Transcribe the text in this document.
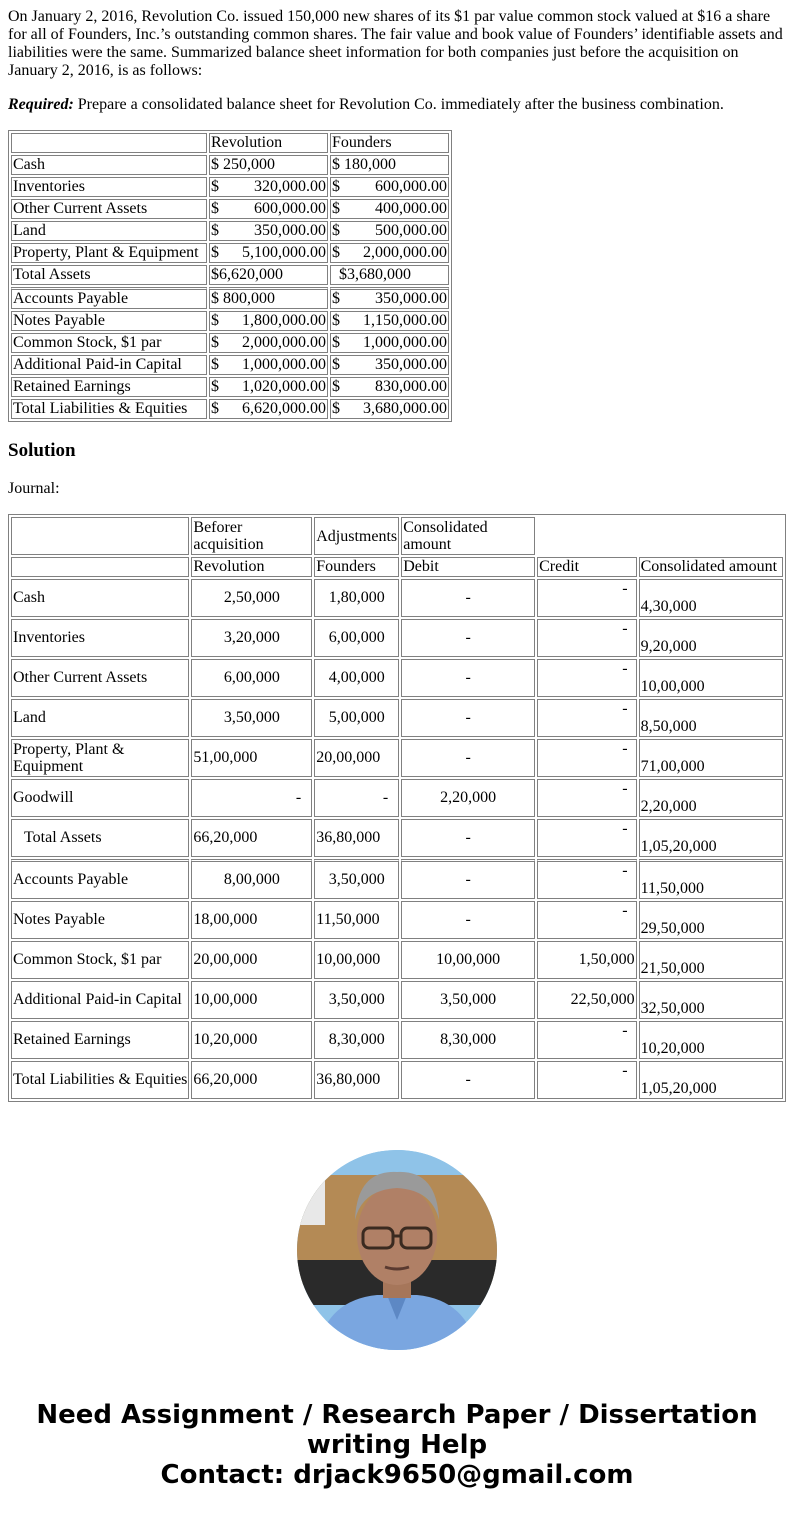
On January 2, 2016, Revolution Co. issued 150,000 new shares of its $1 par value common stock valued at $16 a share for all of Founders, Inc.’s outstanding common shares. The fair value and book value of Founders’ identifiable assets and liabilities were the same. Summarized balance sheet information for both companies just before the acquisition on January 2, 2016, is as follows:

Required: Prepare a consolidated balance sheet for Revolution Co. immediately after the business combination.

	Revolution	Founders
Cash	$ 250,000	$ 180,000
Inventories	$ 320,000.00	$ 600,000.00

Other Current Assets	$ 600,000.00	$ 400,000.00

Land	$ 350,000.00	$ 500,000.00

Property, Plant & Equipment	$ 5,100,000.00	$ 2,000,000.00

Total Assets	$6,620,000	$3,680,000
Accounts Payable	$ 800,000	$ 350,000.00

Notes Payable	$ 1,800,000.00	$ 1,150,000.00

Common Stock, $1 par	$ 2,000,000.00	$ 1,000,000.00

Additional Paid-in Capital	$ 1,000,000.00	$ 350,000.00

Retained Earnings	$ 1,020,000.00	$ 830,000.00

Total Liabilities & Equities	$ 6,620,000.00	$ 3,680,000.00
Solution

Journal:

	Beforer acquisition	Adjustments	Consolidated amount		
	Revolution	Founders	Debit	Credit	Consolidated amount
Cash	2,50,000	1,80,000	-	-	4,30,000
Inventories	3,20,000	6,00,000	-	-	9,20,000
Other Current Assets	6,00,000	4,00,000	-	-	10,00,000
Land	3,50,000	5,00,000	-	-	8,50,000
Property, Plant & Equipment	51,00,000	20,00,000	-	-	71,00,000
Goodwill	-	-	2,20,000	-	2,20,000
Total Assets	66,20,000	36,80,000	-	-	1,05,20,000
Accounts Payable	8,00,000	3,50,000	-	-	11,50,000
Notes Payable	18,00,000	11,50,000	-	-	29,50,000
Common Stock, $1 par	20,00,000	10,00,000	10,00,000	1,50,000	21,50,000
Additional Paid-in Capital	10,00,000	3,50,000	3,50,000	22,50,000	32,50,000
Retained Earnings	10,20,000	8,30,000	8,30,000	-	10,20,000
Total Liabilities & Equities	66,20,000	36,80,000	-	-	1,05,20,000
Need Assignment / Research Paper / Dissertation
writing Help
Contact: drjack9650@gmail.com
